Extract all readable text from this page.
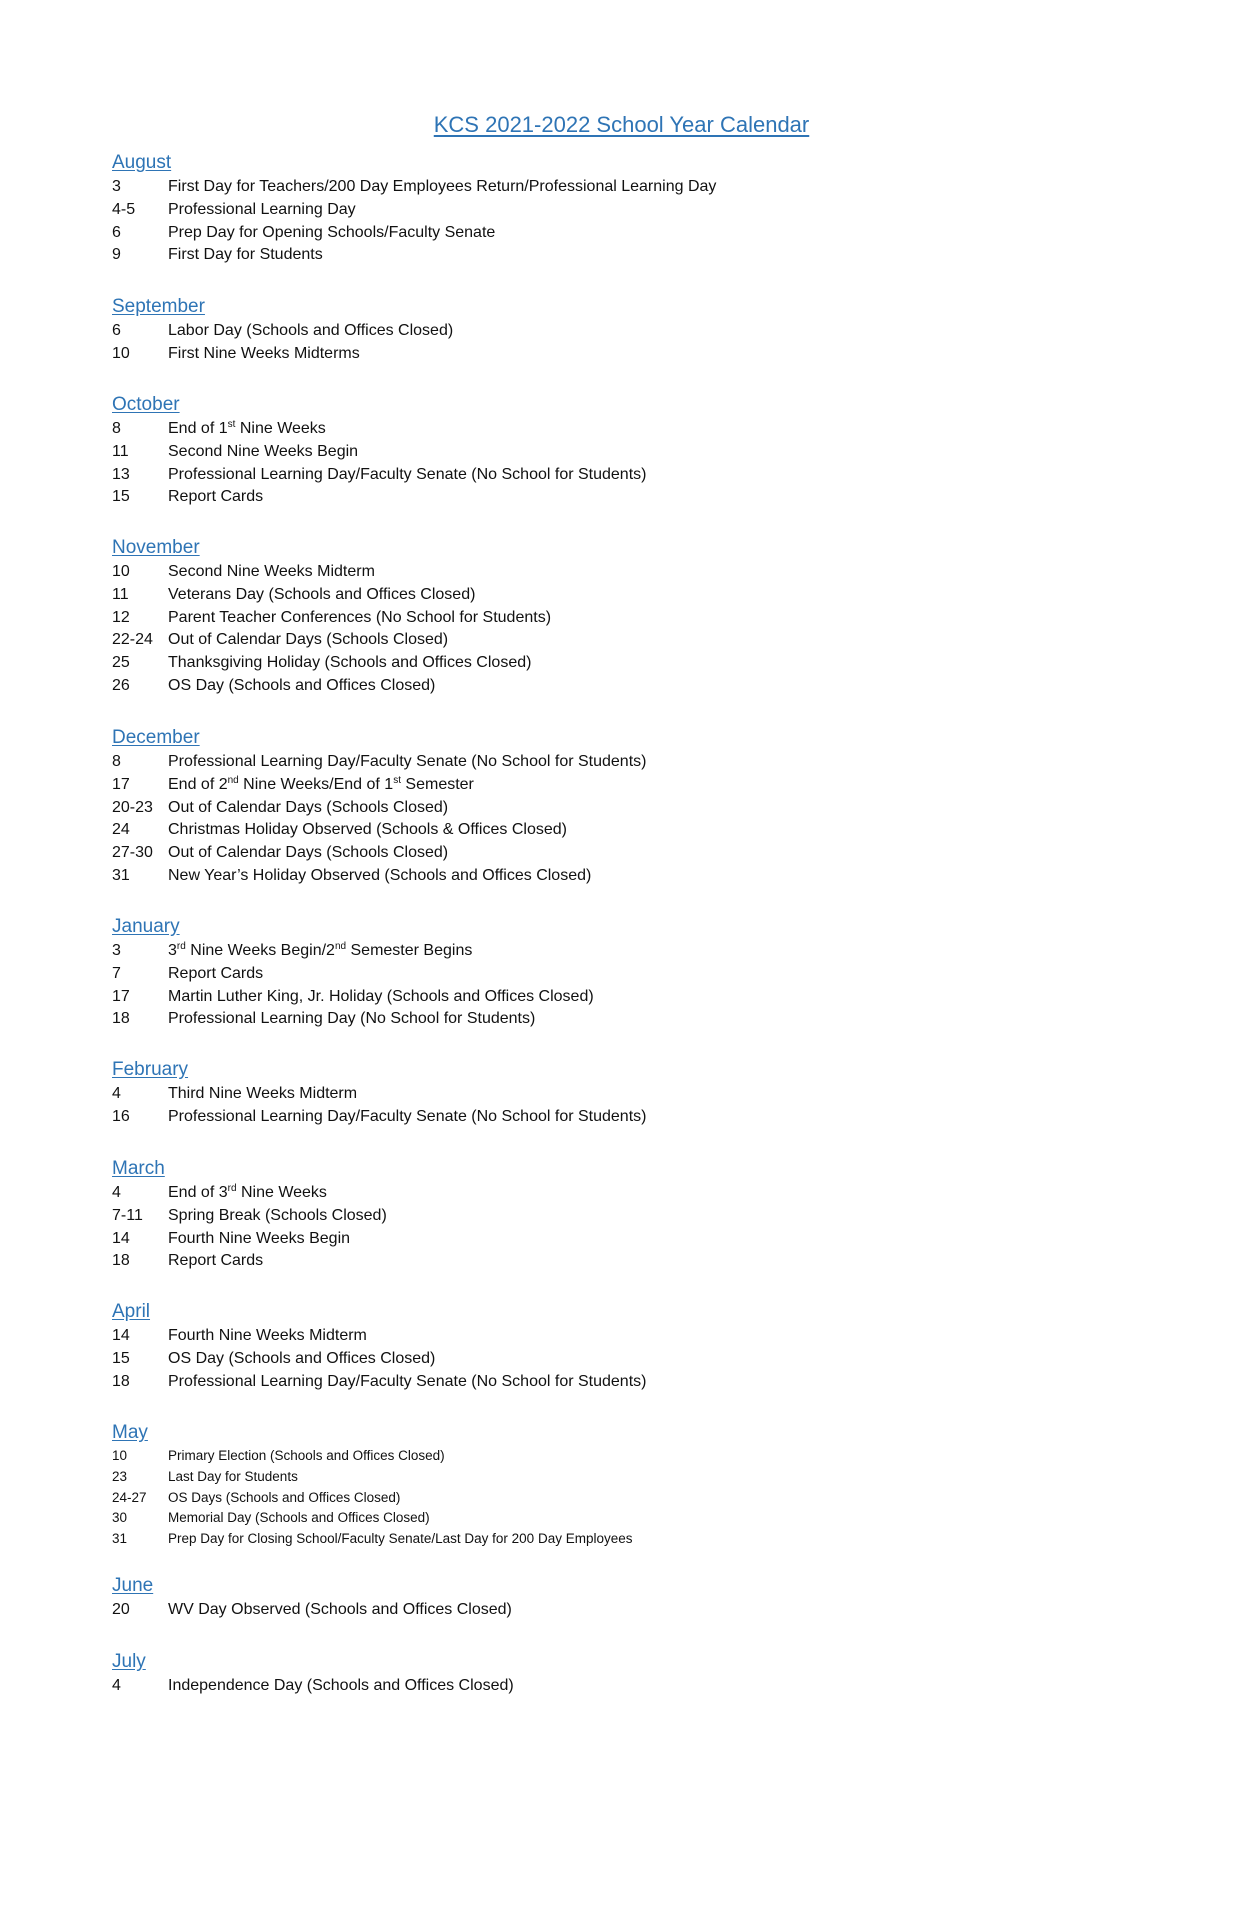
KCS 2021-2022 School Year Calendar
August
3	First Day for Teachers/200 Day Employees Return/Professional Learning Day
4-5	Professional Learning Day
6	Prep Day for Opening Schools/Faculty Senate
9	First Day for Students
September
6	Labor Day (Schools and Offices Closed)
10	First Nine Weeks Midterms
October
8	End of 1st Nine Weeks
11	Second Nine Weeks Begin
13	Professional Learning Day/Faculty Senate (No School for Students)
15	Report Cards
November
10	Second Nine Weeks Midterm
11	Veterans Day (Schools and Offices Closed)
12	Parent Teacher Conferences (No School for Students)
22-24 Out of Calendar Days (Schools Closed)
25	Thanksgiving Holiday (Schools and Offices Closed)
26	OS Day (Schools and Offices Closed)
December
8	Professional Learning Day/Faculty Senate (No School for Students)
17	End of 2nd Nine Weeks/End of 1st Semester
20-23 Out of Calendar Days (Schools Closed)
24	Christmas Holiday Observed (Schools & Offices Closed)
27-30 Out of Calendar Days (Schools Closed)
31	New Year’s Holiday Observed (Schools and Offices Closed)
January
3	3rd Nine Weeks Begin/2nd Semester Begins
7	Report Cards
17	Martin Luther King, Jr. Holiday (Schools and Offices Closed)
18	Professional Learning Day (No School for Students)
February
4	Third Nine Weeks Midterm
16	Professional Learning Day/Faculty Senate (No School for Students)
March
4	End of 3rd Nine Weeks
7-11	Spring Break (Schools Closed)
14	Fourth Nine Weeks Begin
18	Report Cards
April
14	Fourth Nine Weeks Midterm
15	OS Day (Schools and Offices Closed)
18	Professional Learning Day/Faculty Senate (No School for Students)
May
10	Primary Election (Schools and Offices Closed)
23	Last Day for Students
24-27	OS Days (Schools and Offices Closed)
30	Memorial Day (Schools and Offices Closed)
31	Prep Day for Closing School/Faculty Senate/Last Day for 200 Day Employees
June
20	WV Day Observed (Schools and Offices Closed)
July
4	Independence Day (Schools and Offices Closed)
